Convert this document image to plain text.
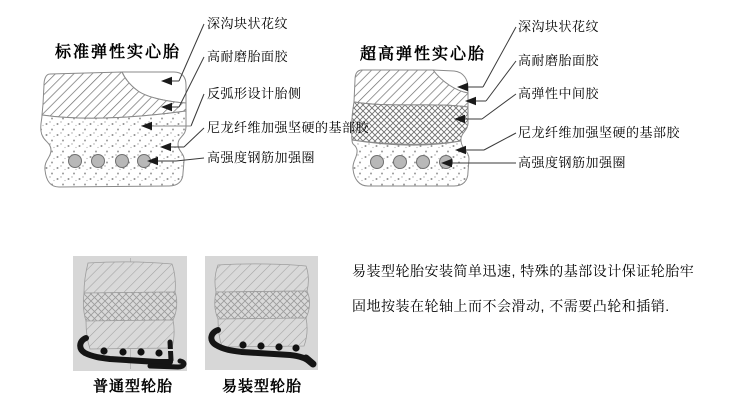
标准弹性实心胎	超高弹性实心胎
深沟块状花纹
高耐磨胎面胶
反弧形设计胎侧
尼龙纤维加强坚硬的基部胶
高强度钢筋加强圈
深沟块状花纹
高耐磨胎面胶
高弹性中间胶
尼龙纤维加强坚硬的基部胶
高强度钢筋加强圈
普通型轮胎	易装型轮胎
易装型轮胎安装简单迅速, 特殊的基部设计保证轮胎牢
固地按装在轮轴上而不会滑动, 不需要凸轮和插销.
